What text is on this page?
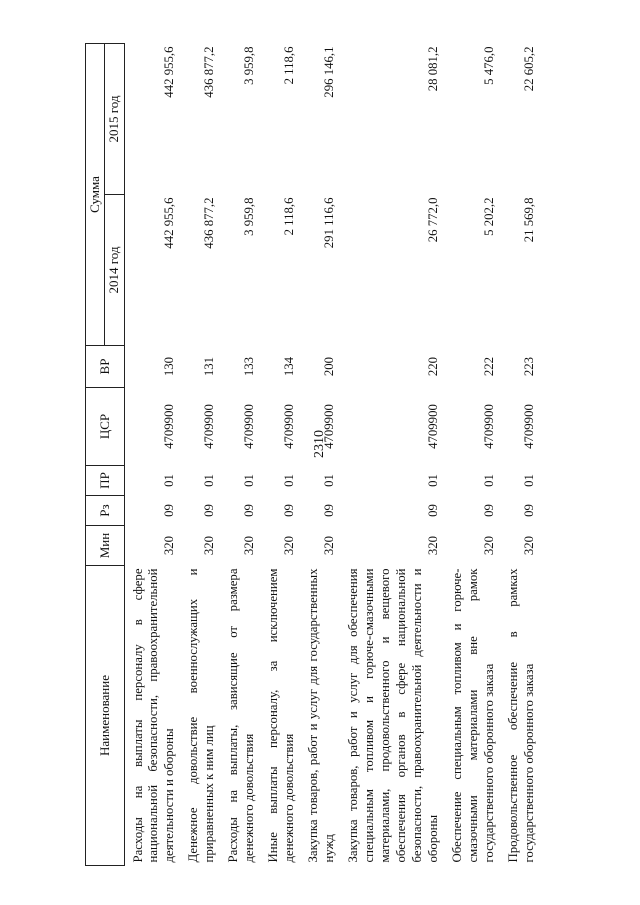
2310
Наименование	Мин	Рз	ПР	ЦСР	ВР	Сумма	
						2014 год	2015 год

Расходы на выплаты персоналу в сфере национальной безопасности, правоохранительной деятельности и обороны	320	09	01	4709900	130	442 955,6	442 955,6

Денежное довольствие военнослужащих и приравненных к ним лиц	320	09	01	4709900	131	436 877,2	436 877,2

Расходы на выплаты, зависящие от размера денежного довольствия	320	09	01	4709900	133	3 959,8	3 959,8

Иные выплаты персоналу, за исключением денежного довольствия	320	09	01	4709900	134	2 118,6	2 118,6

Закупка товаров, работ и услуг для государственных нужд	320	09	01	4709900	200	291 116,6	296 146,1

Закупка товаров, работ и услуг для обеспечения специальным топливом и горюче-смазочными материалами, продовольственного и вещевого обеспечения органов в сфере национальной безопасности, правоохранительной деятельности и обороны	320	09	01	4709900	220	26 772,0	28 081,2

Обеспечение специальным топливом и горюче-смазочными материалами вне рамок государственного оборонного заказа	320	09	01	4709900	222	5 202,2	5 476,0

Продовольственное обеспечение в рамках государственного оборонного заказа	320	09	01	4709900	223	21 569,8	22 605,2
